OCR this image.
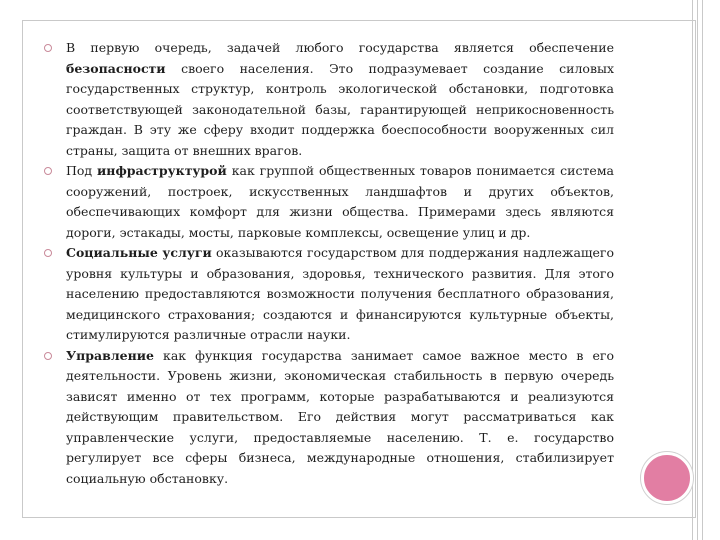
В первую очередь, задачей любого государства является обеспечение безопасности своего населения. Это подразумевает создание силовых государственных структур, контроль экологической обстановки, подготовка соответствующей законодательной базы, гарантирующей неприкосновенность граждан. В эту же сферу входит поддержка боеспособности вооруженных сил страны, защита от внешних врагов.
Под инфраструктурой как группой общественных товаров понимается система сооружений, построек, искусственных ландшафтов и других объектов, обеспечивающих комфорт для жизни общества. Примерами здесь являются дороги, эстакады, мосты, парковые комплексы, освещение улиц и др.
Социальные услуги оказываются государством для поддержания надлежащего уровня культуры и образования, здоровья, технического развития. Для этого населению предоставляются возможности получения бесплатного образования, медицинского страхования; создаются и финансируются культурные объекты, стимулируются различные отрасли науки.
Управление как функция государства занимает самое важное место в его деятельности. Уровень жизни, экономическая стабильность в первую очередь зависят именно от тех программ, которые разрабатываются и реализуются действующим правительством. Его действия могут рассматриваться как управленческие услуги, предоставляемые населению. Т. е. государство регулирует все сферы бизнеса, международные отношения, стабилизирует социальную обстановку.
